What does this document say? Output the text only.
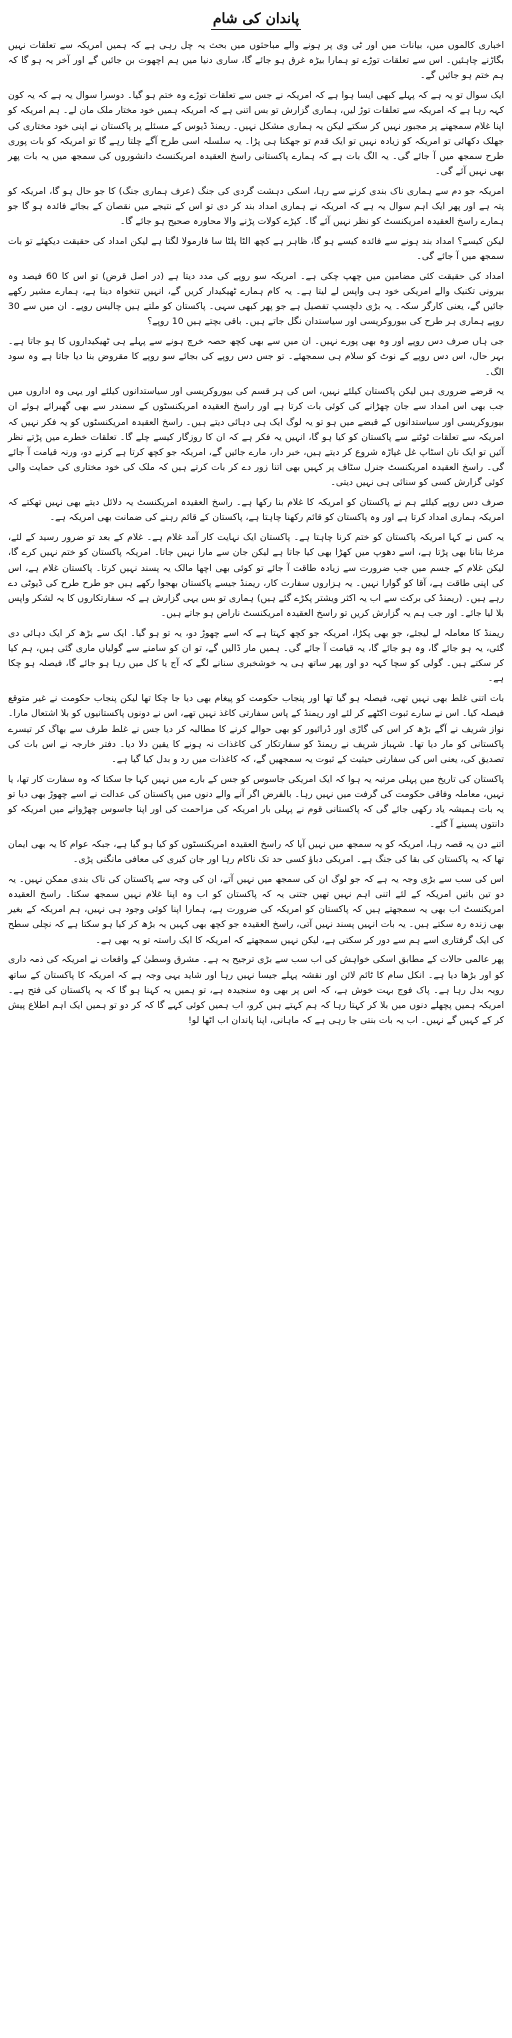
پاندان کی شام

اخباری کالموں میں، بیانات میں اور ٹی وی پر ہونے والے مباحثوں میں بحث یہ چل رہی ہے کہ ہمیں امریکہ سے تعلقات نہیں بگاڑنے چاہئیں۔ اس سے تعلقات توڑے تو ہمارا بیڑہ غرق ہو جائے گا، ساری دنیا میں ہم اچھوت بن جائیں گے اور آخر یہ ہو گا کہ ہم ختم ہو جائیں گے۔

ایک سوال تو یہ ہے کہ پہلے کبھی ایسا ہوا ہے کہ امریکہ نے جس سے تعلقات توڑے وہ ختم ہو گیا۔ دوسرا سوال یہ ہے کہ یہ کون کہہ رہا ہے کہ امریکہ سے تعلقات توڑ لیں، ہماری گزارش تو بس اتنی ہے کہ امریکہ ہمیں خود مختار ملک مان لے۔ ہم امریکہ کو اپنا غلام سمجھنے پر مجبور نہیں کر سکتے لیکن یہ ہماری مشکل نہیں۔ ریمنڈ ڈیوس کے مسئلے پر پاکستان نے اپنی خود مختاری کی جھلک دکھائی تو امریکہ کو زیادہ نہیں تو ایک قدم تو جھکنا ہی پڑا۔ یہ سلسلہ اسی طرح آگے چلتا رہے گا تو امریکہ کو بات پوری طرح سمجھ میں آ جائے گی۔ یہ الگ بات ہے کہ ہمارے پاکستانی راسخ العقیدہ امریکنسٹ دانشوروں کی سمجھ میں یہ بات پھر بھی نہیں آئے گی۔

امریکہ جو دم سے ہماری ناک بندی کرنے سے رہا، اسکی دہشت گردی کی جنگ (عرف ہماری جنگ) کا جو حال ہو گا، امریکہ کو پتہ ہے اور پھر ایک اہم سوال یہ ہے کہ امریکہ نے ہماری امداد بند کر دی تو اس کے نتیجے میں نقصان کے بجائے فائدہ ہو گا جو ہمارے راسخ العقیدہ امریکنسٹ کو نظر نہیں آئے گا۔ کپڑے کولات پڑنے والا محاورہ صحیح ہو جائے گا۔

لیکن کیسے؟ امداد بند ہونے سے فائدہ کیسے ہو گا، ظاہر ہے کچھ الٹا پلٹا سا فارمولا لگتا ہے لیکن امداد کی حقیقت دیکھئے تو بات سمجھ میں آ جائے گی۔

امداد کی حقیقت کئی مضامین میں چھپ چکی ہے۔ امریکہ سو روپے کی مدد دیتا ہے (در اصل قرض) تو اس کا 60 فیصد وہ بیرونی تکنیک والے امریکی خود ہی واپس لے لیتا ہے۔ یہ کام ہمارے ٹھیکیدار کریں گے، انہیں تنخواہ دینا ہے، ہمارے مشیر رکھے جائیں گے، یعنی کارگر سکہ۔ یہ بڑی دلچسپ تفصیل ہے جو پھر کبھی سہی۔ پاکستان کو ملتے ہیں چالیس روپے۔ ان میں سے 30 روپے ہماری ہر طرح کی بیوروکریسی اور سیاستدان نگل جاتے ہیں۔ باقی بچتے ہیں 10 روپے؟

جی ہاں صرف دس روپے اور وہ بھی پورے نہیں۔ ان میں سے بھی کچھ حصہ خرچ ہونے سے پہلے ہی ٹھیکیداروں کا ہو جاتا ہے۔ بہر حال، اس دس روپے کے نوٹ کو سلام ہی سمجھئے۔ تو جس دس روپے کی بجائے سو روپے کا مقروض بنا دیا جاتا ہے وہ سود الگ۔

یہ قرضے ضروری ہیں لیکن پاکستان کیلئے نہیں، اس کی ہر قسم کی بیوروکریسی اور سیاستدانوں کیلئے اور یہی وہ اداروں میں جب بھی اس امداد سے جان چھڑانے کی کوئی بات کرتا ہے اور راسخ العقیدہ امریکنسٹوں کے سمندر سے بھی گھبرائے ہوئے ان بیوروکریسی اور سیاستدانوں کے قبضے میں ہو تو یہ لوگ ایک ہی دہائی دیتے ہیں۔ راسخ العقیدہ امریکنسٹوں کو یہ فکر نہیں کہ امریکہ سے تعلقات ٹوٹنے سے پاکستان کو کیا ہو گا، انہیں یہ فکر ہے کہ ان کا روزگار کیسے چلے گا۔ تعلقات خطرے میں پڑتے نظر آئیں تو ایک نان اسٹاپ غل غپاڑہ شروع کر دیتے ہیں، خبر دار، مارے جائیں گے، امریکہ جو کچھ کرتا ہے کرنے دو، ورنہ قیامت آ جائے گی۔ راسخ العقیدہ امریکنسٹ جنرل سٹاف پر کہیں بھی اتنا زور دے کر بات کرتے ہیں کہ ملک کی خود مختاری کی حمایت والی کوئی گزارش کسی کو سنائی ہی نہیں دیتی۔

صرف دس روپے کیلئے ہم نے پاکستان کو امریکہ کا غلام بنا رکھا ہے۔ راسخ العقیدہ امریکنسٹ یہ دلائل دیتے بھی نہیں تھکتے کہ امریکہ ہماری امداد کرتا ہے اور وہ پاکستان کو قائم رکھنا چاہتا ہے، پاکستان کے قائم رہنے کی ضمانت بھی امریکہ ہے۔

یہ کس نے کہا امریکہ پاکستان کو ختم کرنا چاہتا ہے۔ پاکستان ایک نہایت کار آمد غلام ہے۔ غلام کے بعد تو ضرور رسید کے لئے، مرغا بنانا بھی پڑتا ہے، اسے دھوپ میں کھڑا بھی کیا جاتا ہے لیکن جان سے مارا نہیں جاتا۔ امریکہ پاکستان کو ختم نہیں کرے گا، لیکن غلام کے جسم میں جب ضرورت سے زیادہ طاقت آ جائے تو کوئی بھی اچھا مالک یہ پسند نہیں کرتا۔ پاکستان غلام ہے، اس کی اپنی طاقت ہے، آقا کو گوارا نہیں۔ یہ ہزاروں سفارت کار، ریمنڈ جیسے پاکستان بھجوا رکھے ہیں جو طرح طرح کی ڈیوٹی دے رہے ہیں۔ (ریمنڈ کی برکت سے اب یہ اکثر ویشتر پکڑے گئے ہیں) ہماری تو بس یہی گزارش ہے کہ سفارتکاروں کا یہ لشکر واپس بلا لیا جائے۔ اور جب ہم یہ گزارش کریں تو راسخ العقیدہ امریکنسٹ ناراض ہو جاتے ہیں۔

ریمنڈ کا معاملہ لے لیجئے، جو بھی پکڑا، امریکہ جو کچھ کہتا ہے کہ اسے چھوڑ دو، یہ تو ہو گیا۔ ایک سے بڑھ کر ایک دہائی دی گئی، یہ ہو جائے گا، وہ ہو جائے گا، یہ قیامت آ جائے گی۔ ہمیں مار ڈالیں گے، تو ان کو سامنے سے گولیاں ماری گئی ہیں، ہم کیا کر سکتے ہیں۔ گولی کو سچا کہہ دو اور پھر ساتھ ہی یہ خوشخبری سنانے لگے کہ آج یا کل میں رہا ہو جائے گا، فیصلہ ہو چکا ہے۔

بات اتنی غلط بھی نہیں تھی، فیصلہ ہو گیا تھا اور پنجاب حکومت کو پیغام بھی دیا جا چکا تھا لیکن پنجاب حکومت نے غیر متوقع فیصلہ کیا۔ اس نے سارے ثبوت اکٹھے کر لئے اور ریمنڈ کے پاس سفارتی کاغذ نہیں تھے، اس نے دونوں پاکستانیوں کو بلا اشتعال مارا۔ نواز شریف نے آگے بڑھ کر اس کی گاڑی اور ڈرائیور کو بھی حوالے کرنے کا مطالبہ کر دیا جس نے غلط طرف سے بھاگ کر تیسرے پاکستانی کو مار دیا تھا۔ شہباز شریف نے ریمنڈ کو سفارتکار کی کاغذات نہ ہونے کا یقین دلا دیا۔ دفتر خارجہ نے اس بات کی تصدیق کی، یعنی اس کی سفارتی حیثیت کے ثبوت یہ سمجھیں گے، کہ کاغذات میں رد و بدل کیا گیا ہے۔

پاکستان کی تاریخ میں پہلی مرتبہ یہ ہوا کہ ایک امریکی جاسوس کو جس کے بارے میں نہیں کہا جا سکتا کہ وہ سفارت کار تھا، یا نہیں، معاملہ وفاقی حکومت کی گرفت میں نہیں رہا۔ بالفرض اگر آنے والے دنوں میں پاکستان کی عدالت نے اسے چھوڑ بھی دیا تو یہ بات ہمیشہ یاد رکھی جائے گی کہ پاکستانی قوم نے پہلی بار امریکہ کی مزاحمت کی اور اپنا جاسوس چھڑوانے میں امریکہ کو دانتوں پسینے آ گئے۔

اتنے دن یہ قصہ رہا، امریکہ کو یہ سمجھ میں نہیں آیا کہ راسخ العقیدہ امریکنسٹوں کو کیا ہو گیا ہے، جبکہ عوام کا یہ بھی ایمان تھا کہ یہ پاکستان کی بقا کی جنگ ہے۔ امریکی دباؤ کسی حد تک ناکام رہا اور جان کیری کی معافی مانگنی پڑی۔

اس کی سب سے بڑی وجہ یہ ہے کہ جو لوگ ان کی سمجھ میں نہیں آتے، ان کی وجہ سے پاکستان کی ناک بندی ممکن نہیں۔ یہ دو تین باتیں امریکہ کے لئے اتنی اہم نہیں تھیں جتنی یہ کہ پاکستان کو اب وہ اپنا غلام نہیں سمجھ سکتا۔ راسخ العقیدہ امریکنسٹ اب بھی یہ سمجھتے ہیں کہ پاکستان کو امریکہ کی ضرورت ہے، ہمارا اپنا کوئی وجود ہی نہیں، ہم امریکہ کے بغیر بھی زندہ رہ سکتے ہیں۔ یہ بات انہیں پسند نہیں آتی، راسخ العقیدہ جو کچھ بھی کہیں یہ بڑھ کر کیا ہو سکتا ہے کہ نچلی سطح کی ایک گرفتاری اسے ہم سے دور کر سکتی ہے، لیکن نہیں سمجھتے کہ امریکہ کا ایک راستہ تو یہ بھی ہے۔

پھر عالمی حالات کے مطابق اسکی خواہش کی اب سب سے بڑی ترجیح یہ ہے۔ مشرق وسطیٰ کے واقعات نے امریکہ کی ذمہ داری کو اور بڑھا دیا ہے۔ انکل سام کا ٹائم لائن اور نقشہ پہلے جیسا نہیں رہا اور شاید یہی وجہ ہے کہ امریکہ کا پاکستان کے ساتھ رویہ بدل رہا ہے۔ پاک فوج بہت خوش ہے، کہ اس پر بھی وہ سنجیدہ ہے، تو ہمیں یہ کہنا ہو گا کہ یہ پاکستان کی فتح ہے۔ امریکہ ہمیں پچھلے دنوں میں بلا کر کہتا رہا کہ ہم کہتے ہیں کرو، اب ہمیں کوئی کہے گا کہ کر دو تو ہمیں ایک اہم اطلاع پیش کر کے کہیں گے نہیں۔ اب یہ بات بنتی جا رہی ہے کہ ماہانی، اپنا پاندان اب اٹھا لو!
